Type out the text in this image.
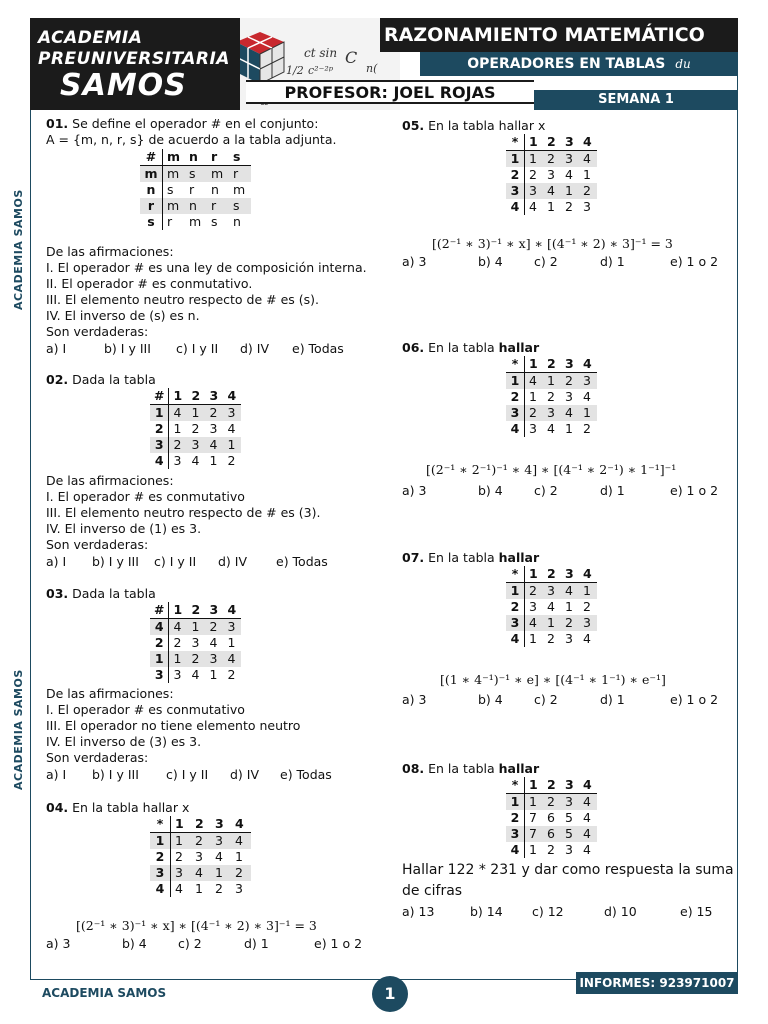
ct sin C
1/2 c²⁻²ᵖ	n(
ACADEMIA
PREUNIVERSITARIA
SAMOS
RAZONAMIENTO MATEMÁTICO
OPERADORES EN TABLAS du
PROFESOR: JOEL ROJAS	SEMANA 1
ACADEMIA SAMOS
ACADEMIA SAMOS
01. Se define el operador # en el conjunto:
A = {m, n, r, s} de acuerdo a la tabla adjunta.
#	m	n	r	s
m	m	s	m	r
n	s	r	n	m
r	m	n	r	s
s	r	m	s	n
De las afirmaciones:
I. El operador # es una ley de composición interna.
II. El operador # es conmutativo.
III. El elemento neutro respecto de # es (s).
IV. El inverso de (s) es n.
Son verdaderas:
a) I	b) I y III c) I y II d) IV e) Todas
02. Dada la tabla
#	1	2	3	4
1	4	1	2	3
2	1	2	3	4
3	2	3	4	1
4	3	4	1	2
De las afirmaciones:
I. El operador # es conmutativo
III. El elemento neutro respecto de # es (3).
IV. El inverso de (1) es 3.
Son verdaderas:
a) I b) I y III c) I y II d) IV e) Todas
03. Dada la tabla
#	1	2	3	4
4	4	1	2	3
2	2	3	4	1
1	1	2	3	4
3	3	4	1	2
De las afirmaciones:
I. El operador # es conmutativo
III. El operador no tiene elemento neutro
IV. El inverso de (3) es 3.
Son verdaderas:
a) I b) I y III c) I y II d) IV e) Todas
04. En la tabla hallar x
*	1	2	3	4
1	1	2	3	4
2	2	3	4	1
3	3	4	1	2
4	4	1	2	3
[(2⁻¹ ∗ 3)⁻¹ ∗ x] ∗ [(4⁻¹ ∗ 2) ∗ 3]⁻¹ = 3
a) 3	b) 4	c) 2	d) 1	e) 1 o 2
05. En la tabla hallar x
*	1	2	3	4
1	1	2	3	4
2	2	3	4	1
3	3	4	1	2
4	4	1	2	3
[(2⁻¹ ∗ 3)⁻¹ ∗ x] ∗ [(4⁻¹ ∗ 2) ∗ 3]⁻¹ = 3
a) 3	b) 4	c) 2	d) 1	e) 1 o 2
06. En la tabla hallar
*	1	2	3	4
1	4	1	2	3
2	1	2	3	4
3	2	3	4	1
4	3	4	1	2
[(2⁻¹ ∗ 2⁻¹)⁻¹ ∗ 4] ∗ [(4⁻¹ ∗ 2⁻¹) ∗ 1⁻¹]⁻¹
a) 3	b) 4	c) 2	d) 1	e) 1 o 2
07. En la tabla hallar
*	1	2	3	4
1	2	3	4	1
2	3	4	1	2
3	4	1	2	3
4	1	2	3	4
[(1 ∗ 4⁻¹)⁻¹ ∗ e] ∗ [(4⁻¹ ∗ 1⁻¹) ∗ e⁻¹]
a) 3	b) 4	c) 2	d) 1	e) 1 o 2
08. En la tabla hallar
*	1	2	3	4
1	1	2	3	4
2	7	6	5	4
3	7	6	5	4
4	1	2	3	4
Hallar 122 * 231 y dar como respuesta la suma
de cifras
a) 13	b) 14 c) 12	d) 10	e) 15
ACADEMIA SAMOS	1
INFORMES: 923971007
